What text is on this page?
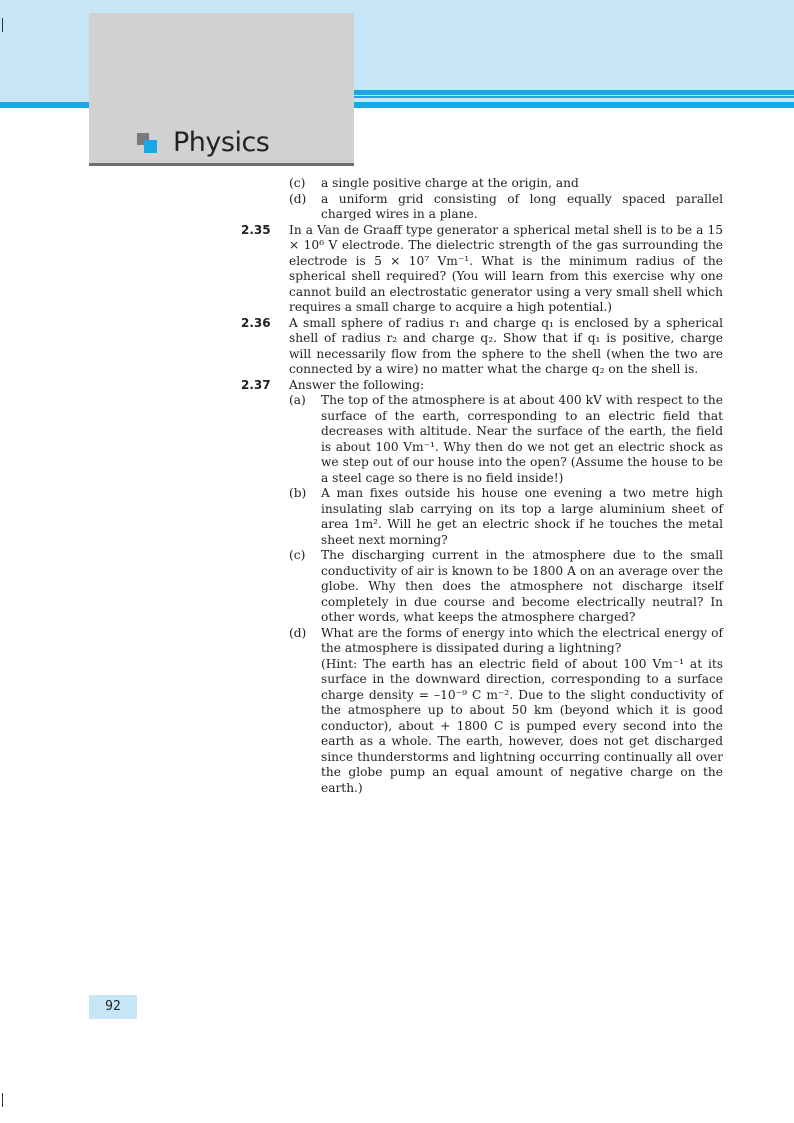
Physics
(c)	a single positive charge at the origin, and
(d)	a uniform grid consisting of long equally spaced parallel charged wires in a plane.
2.35	In a Van de Graaff type generator a spherical metal shell is to be a 15 × 10⁶ V electrode. The dielectric strength of the gas surrounding the electrode is 5 × 10⁷ Vm⁻¹. What is the minimum radius of the spherical shell required? (You will learn from this exercise why one cannot build an electrostatic generator using a very small shell which requires a small charge to acquire a high potential.)
2.36	A small sphere of radius r₁ and charge q₁ is enclosed by a spherical shell of radius r₂ and charge q₂. Show that if q₁ is positive, charge will necessarily flow from the sphere to the shell (when the two are connected by a wire) no matter what the charge q₂ on the shell is.
2.37	Answer the following:
(a)	The top of the atmosphere is at about 400 kV with respect to the surface of the earth, corresponding to an electric field that decreases with altitude. Near the surface of the earth, the field is about 100 Vm⁻¹. Why then do we not get an electric shock as we step out of our house into the open? (Assume the house to be a steel cage so there is no field inside!)
(b)	A man fixes outside his house one evening a two metre high insulating slab carrying on its top a large aluminium sheet of area 1m². Will he get an electric shock if he touches the metal sheet next morning?
(c)	The discharging current in the atmosphere due to the small conductivity of air is known to be 1800 A on an average over the globe. Why then does the atmosphere not discharge itself completely in due course and become electrically neutral? In other words, what keeps the atmosphere charged?
(d)	What are the forms of energy into which the electrical energy of the atmosphere is dissipated during a lightning?
(Hint: The earth has an electric field of about 100 Vm⁻¹ at its surface in the downward direction, corresponding to a surface charge density = –10⁻⁹ C m⁻². Due to the slight conductivity of the atmosphere up to about 50 km (beyond which it is good conductor), about + 1800 C is pumped every second into the earth as a whole. The earth, however, does not get discharged since thunderstorms and lightning occurring continually all over the globe pump an equal amount of negative charge on the earth.)
92
